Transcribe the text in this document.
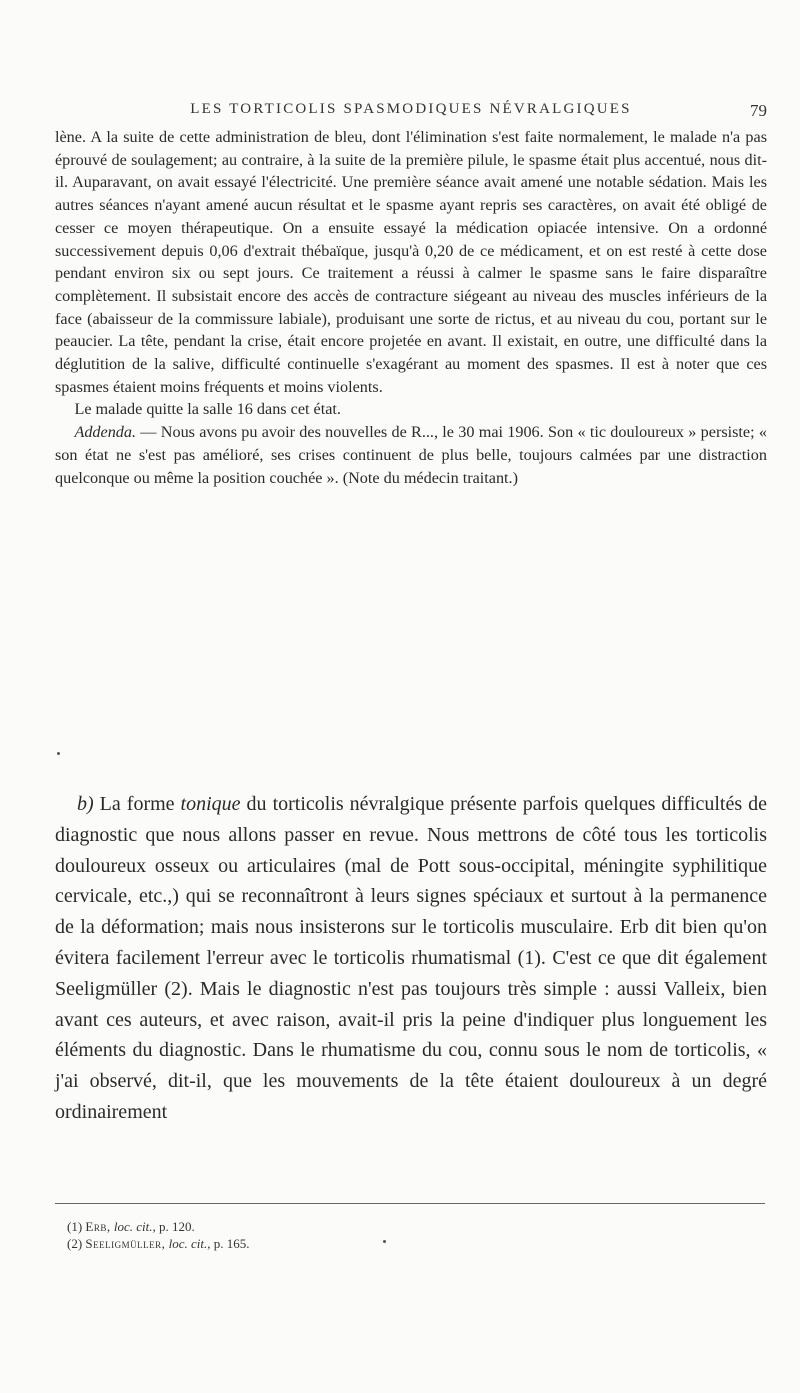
LES TORTICOLIS SPASMODIQUES NÉVRALGIQUES	79

lène. A la suite de cette administration de bleu, dont l'élimination s'est faite normalement, le malade n'a pas éprouvé de soulagement; au contraire, à la suite de la première pilule, le spasme était plus accentué, nous dit-il. Auparavant, on avait essayé l'électricité. Une première séance avait amené une notable sédation. Mais les autres séances n'ayant amené aucun résultat et le spasme ayant repris ses caractères, on avait été obligé de cesser ce moyen thérapeutique. On a ensuite essayé la médication opiacée intensive. On a ordonné successivement depuis 0,06 d'extrait thébaïque, jusqu'à 0,20 de ce médicament, et on est resté à cette dose pendant environ six ou sept jours. Ce traitement a réussi à calmer le spasme sans le faire disparaître complètement. Il subsistait encore des accès de contracture siégeant au niveau des muscles inférieurs de la face (abaisseur de la commissure labiale), produisant une sorte de rictus, et au niveau du cou, portant sur le peaucier. La tête, pendant la crise, était encore projetée en avant. Il existait, en outre, une difficulté dans la déglutition de la salive, difficulté continuelle s'exagérant au moment des spasmes. Il est à noter que ces spasmes étaient moins fréquents et moins violents.

Le malade quitte la salle 16 dans cet état.

Addenda. — Nous avons pu avoir des nouvelles de R..., le 30 mai 1906. Son « tic douloureux » persiste; « son état ne s'est pas amélioré, ses crises continuent de plus belle, toujours calmées par une distraction quelconque ou même la position couchée ». (Note du médecin traitant.)

b) La forme tonique du torticolis névralgique présente parfois quelques difficultés de diagnostic que nous allons passer en revue. Nous mettrons de côté tous les torticolis douloureux osseux ou articulaires (mal de Pott sous-occipital, méningite syphilitique cervicale, etc.,) qui se reconnaîtront à leurs signes spéciaux et surtout à la permanence de la déformation; mais nous insisterons sur le torticolis musculaire. Erb dit bien qu'on évitera facilement l'erreur avec le torticolis rhumatismal (1). C'est ce que dit également Seeligmüller (2). Mais le diagnostic n'est pas toujours très simple : aussi Valleix, bien avant ces auteurs, et avec raison, avait-il pris la peine d'indiquer plus longuement les éléments du diagnostic. Dans le rhumatisme du cou, connu sous le nom de torticolis, « j'ai observé, dit-il, que les mouvements de la tête étaient douloureux à un degré ordinairement

(1) Erb, loc. cit., p. 120.
(2) Seeligmüller, loc. cit., p. 165.
